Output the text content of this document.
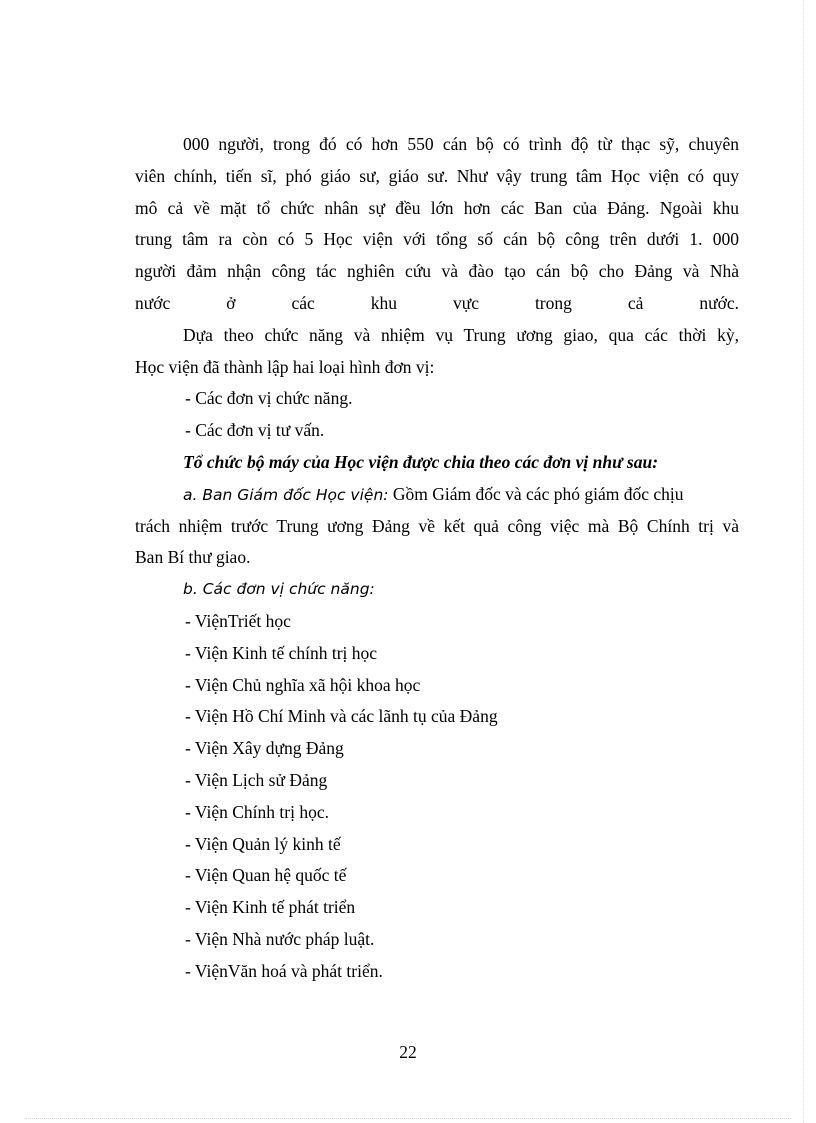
000 người, trong đó có hơn 550 cán bộ có trình độ từ thạc sỹ, chuyên
viên chính, tiến sĩ, phó giáo sư, giáo sư. Như vậy trung tâm Học viện có quy
mô cả về mặt tổ chức nhân sự đều lớn hơn các Ban của Đảng. Ngoài khu
trung tâm ra còn có 5 Học viện với tổng số cán bộ công trên dưới 1. 000
người đảm nhận công tác nghiên cứu và đào tạo cán bộ cho Đảng và Nhà
nước ở các khu vực trong cả nước.
Dựa theo chức năng và nhiệm vụ Trung ương giao, qua các thời kỳ,
Học viện đã thành lập hai loại hình đơn vị:
- Các đơn vị chức năng.
- Các đơn vị tư vấn.
Tổ chức bộ máy của Học viện được chia theo các đơn vị như sau:
a. Ban Giám đốc Học viện: Gồm Giám đốc và các phó giám đốc chịu
trách nhiệm trước Trung ương Đảng về kết quả công việc mà Bộ Chính trị và
Ban Bí thư giao.
b. Các đơn vị chức năng:
- ViệnTriết học
- Viện Kinh tế chính trị học
- Viện Chủ nghĩa xã hội khoa học
- Viện Hồ Chí Minh và các lãnh tụ của Đảng
- Viện Xây dựng Đảng
- Viện Lịch sử Đảng
- Viện Chính trị học.
- Viện Quản lý kinh tế
- Viện Quan hệ quốc tế
- Viện Kinh tế phát triển
- Viện Nhà nước pháp luật.
- ViệnVăn hoá và phát triển.
22
